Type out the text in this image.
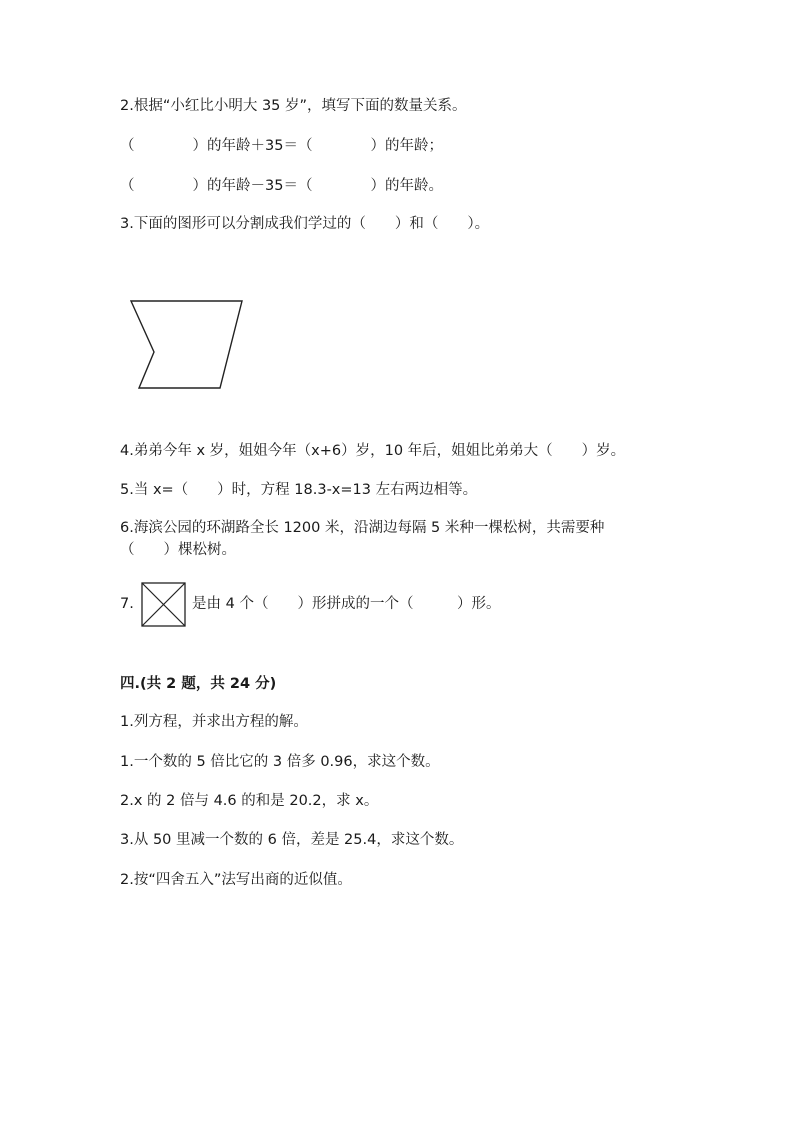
2.根据“小红比小明大 35 岁”，填写下面的数量关系。
（　　　　）的年龄＋35＝（　　　　）的年龄；
（　　　　）的年龄－35＝（　　　　）的年龄。
3.下面的图形可以分割成我们学过的（　　）和（　　）。
4.弟弟今年 x 岁，姐姐今年（x+6）岁，10 年后，姐姐比弟弟大（　　）岁。
5.当 x=（　　）时，方程 18.3-x=13 左右两边相等。
6.海滨公园的环湖路全长 1200 米，沿湖边每隔 5 米种一棵松树，共需要种
（　　）棵松树。
7.	是由 4 个（　　）形拼成的一个（　　　）形。
四.(共 2 题，共 24 分)
1.列方程，并求出方程的解。
1.一个数的 5 倍比它的 3 倍多 0.96，求这个数。
2.x 的 2 倍与 4.6 的和是 20.2，求 x。
3.从 50 里减一个数的 6 倍，差是 25.4，求这个数。
2.按“四舍五入”法写出商的近似值。
